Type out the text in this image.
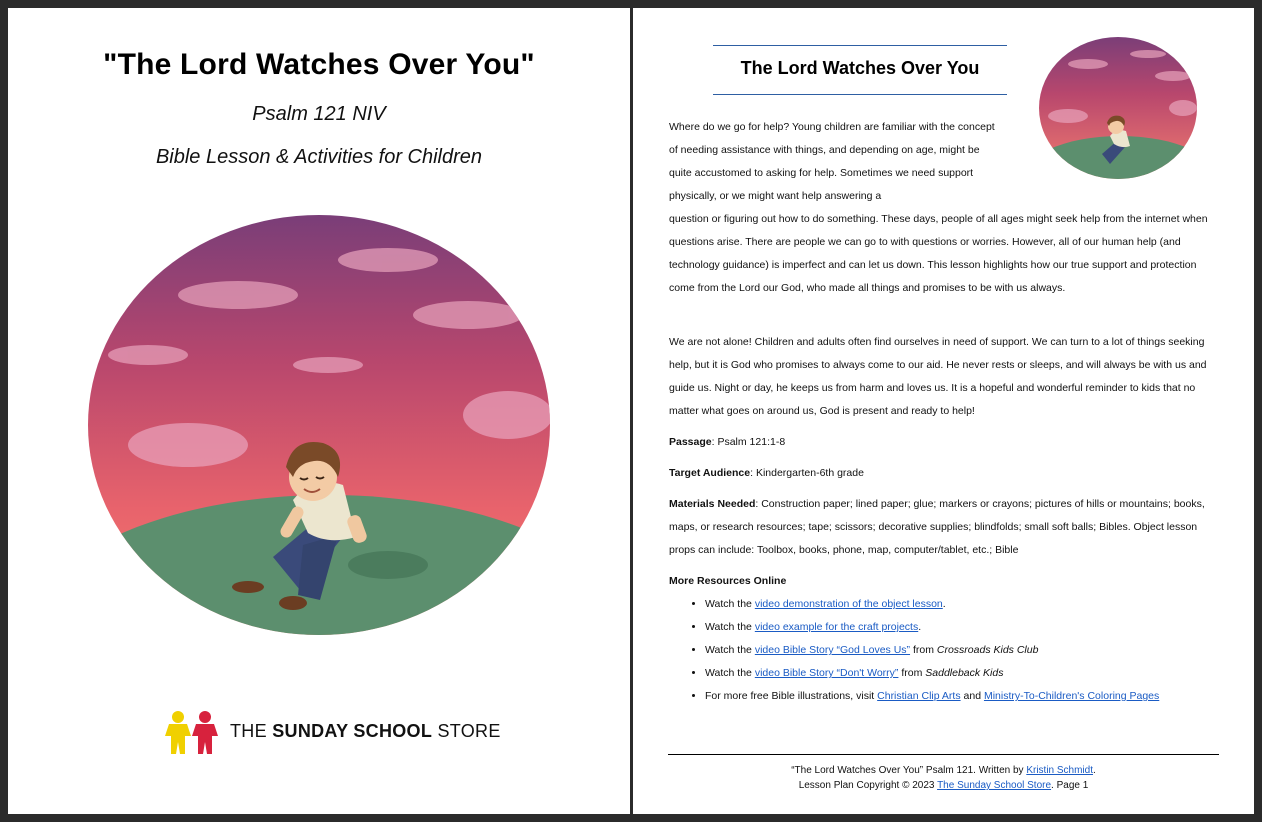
"The Lord Watches Over You"
Psalm 121 NIV
Bible Lesson & Activities for Children
THE SUNDAY SCHOOL STORE
The Lord Watches Over You
Where do we go for help? Young children are familiar with the concept of needing assistance with things, and depending on age, might be quite accustomed to asking for help. Sometimes we need support physically, or we might want help answering a
question or figuring out how to do something. These days, people of all ages might seek help from the internet when questions arise. There are people we can go to with questions or worries. However, all of our human help (and technology guidance) is imperfect and can let us down. This lesson highlights how our true support and protection come from the Lord our God, who made all things and promises to be with us always.
We are not alone! Children and adults often find ourselves in need of support. We can turn to a lot of things seeking help, but it is God who promises to always come to our aid. He never rests or sleeps, and will always be with us and guide us. Night or day, he keeps us from harm and loves us. It is a hopeful and wonderful reminder to kids that no matter what goes on around us, God is present and ready to help!
Passage: Psalm 121:1-8
Target Audience: Kindergarten-6th grade
Materials Needed: Construction paper; lined paper; glue; markers or crayons; pictures of hills or mountains; books, maps, or research resources; tape; scissors; decorative supplies; blindfolds; small soft balls; Bibles. Object lesson props can include: Toolbox, books, phone, map, computer/tablet, etc.; Bible
More Resources Online
• Watch the video demonstration of the object lesson.
• Watch the video example for the craft projects.
• Watch the video Bible Story “God Loves Us” from Crossroads Kids Club
• Watch the video Bible Story “Don't Worry” from Saddleback Kids
• For more free Bible illustrations, visit Christian Clip Arts and Ministry-To-Children's Coloring Pages
“The Lord Watches Over You” Psalm 121. Written by Kristin Schmidt.
Lesson Plan Copyright © 2023 The Sunday School Store. Page 1
